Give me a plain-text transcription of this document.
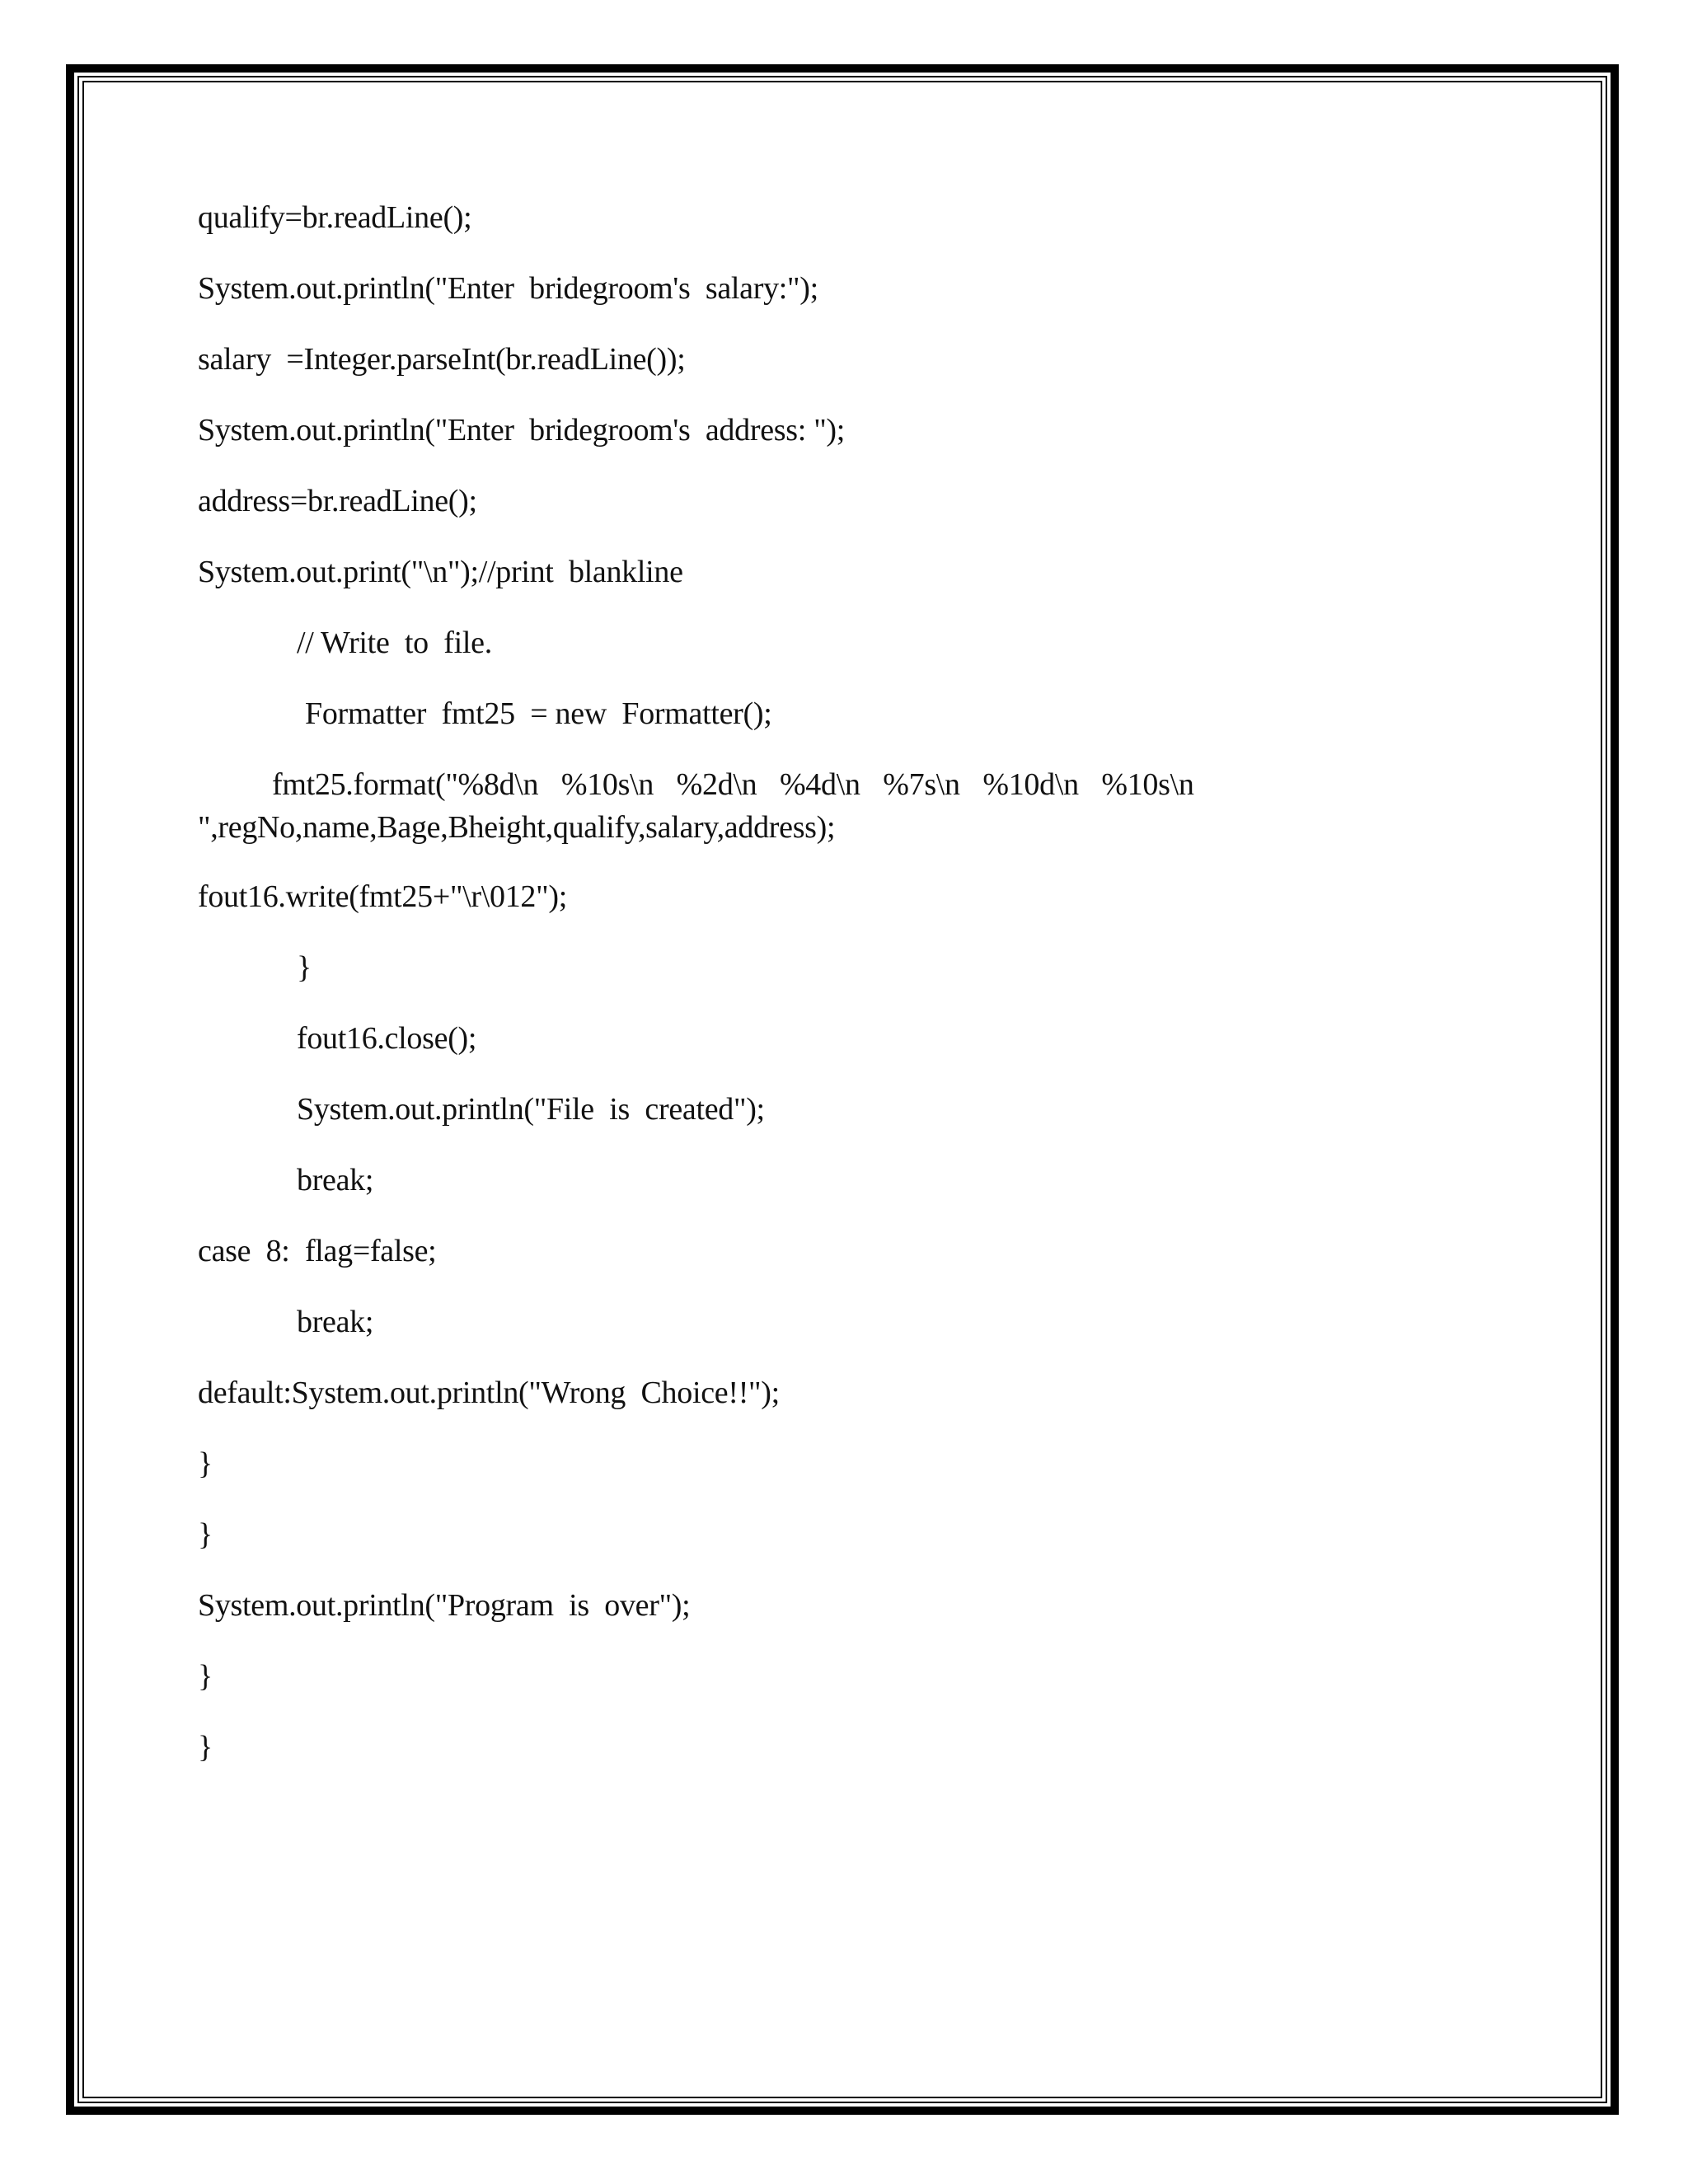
qualify=br.readLine();
System.out.println("Enter  bridegroom's  salary:");
salary  =Integer.parseInt(br.readLine());
System.out.println("Enter  bridegroom's  address: ");
address=br.readLine();
System.out.print("\n");//print  blankline
// Write  to  file.
Formatter  fmt25  = new  Formatter();
fmt25.format("%8d\n   %10s\n   %2d\n   %4d\n   %7s\n   %10d\n   %10s\n
",regNo,name,Bage,Bheight,qualify,salary,address);
fout16.write(fmt25+"\r\012");
}
fout16.close();
System.out.println("File  is  created");
break;
case  8:  flag=false;
break;
default:System.out.println("Wrong  Choice!!");
}
}
System.out.println("Program  is  over");
}
}
